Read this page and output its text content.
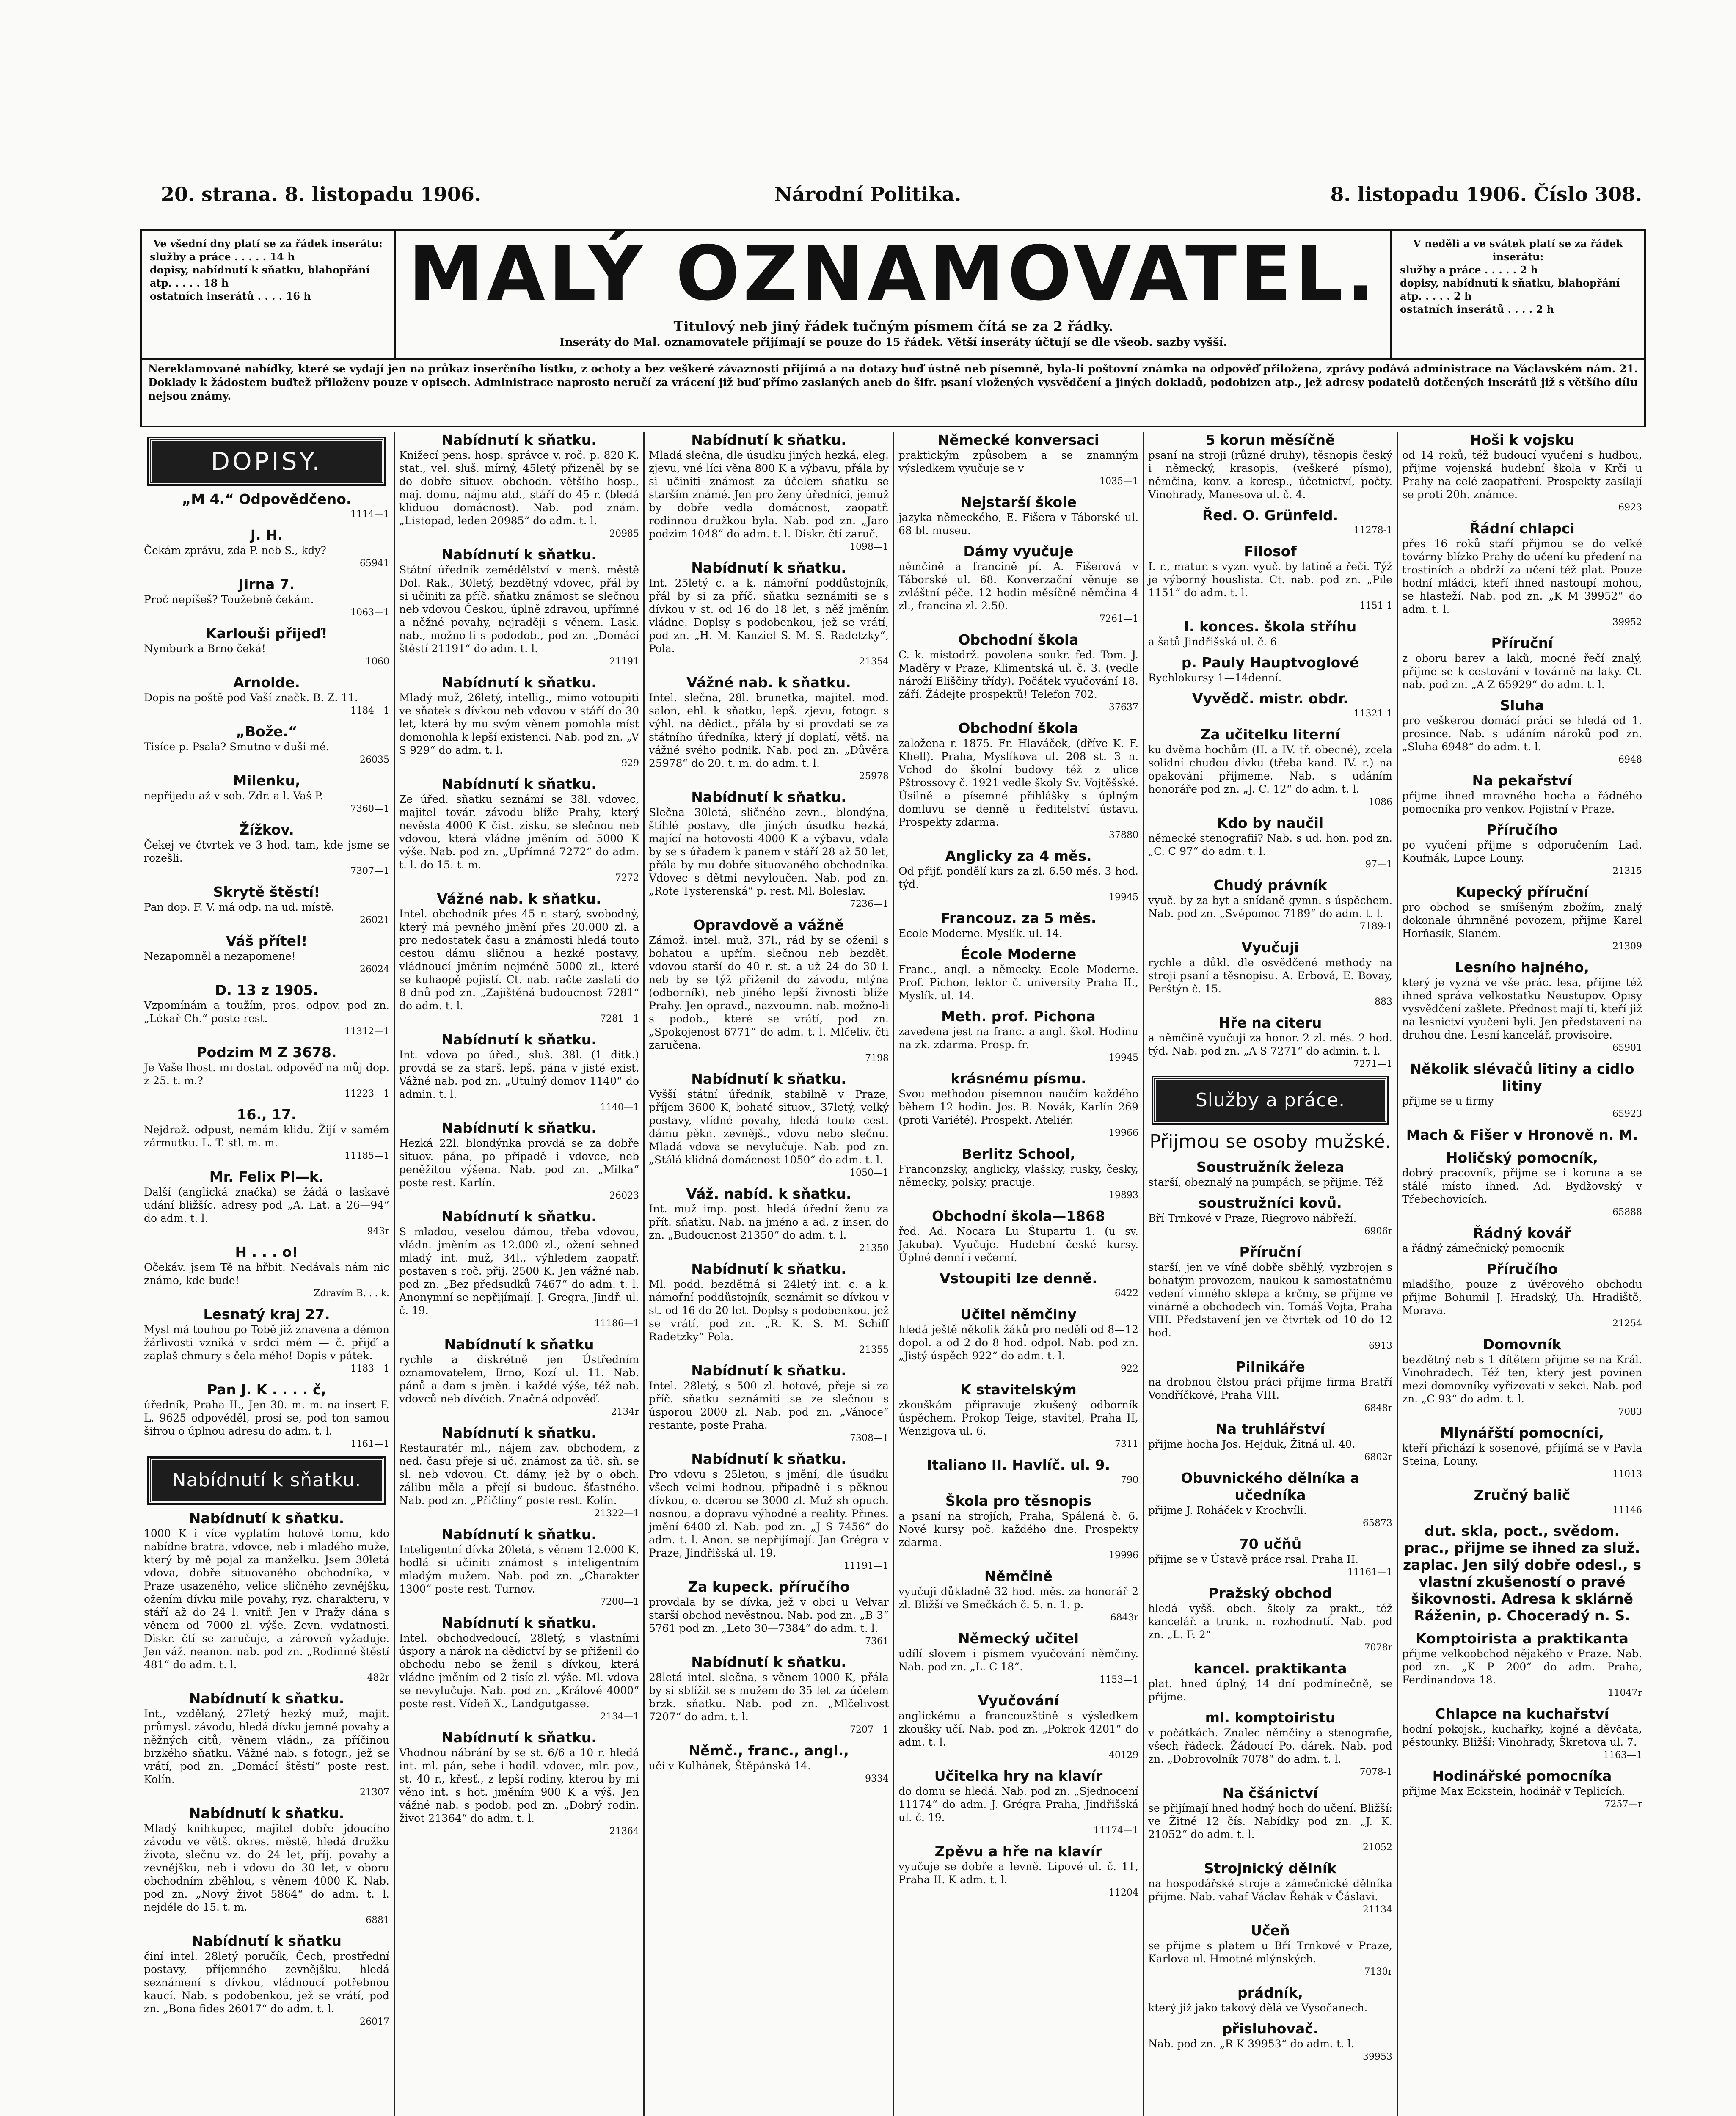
20. strana. 8. listopadu 1906.	Národní Politika.	8. listopadu 1906. Číslo 308.
Ve všední dny platí se za řádek inserátu:
služby a práce . . . . . 14 h
dopisy, nabídnutí k sňatku, blahopřání atp. . . . . 18 h
ostatních inserátů . . . . 16 h	MALÝ OZNAMOVATEL.
Titulový neb jiný řádek tučným písmem čítá se za 2 řádky.
Inseráty do Mal. oznamovatele přijímají se pouze do 15 řádek. Větší inseráty účtují se dle všeob. sazby vyšší.
V neděli a ve svátek platí se za řádek inserátu:
služby a práce . . . . . 2 h
dopisy, nabídnutí k sňatku, blahopřání atp. . . . . 2 h
ostatních inserátů . . . . 2 h
Nereklamované nabídky, které se vydají jen na průkaz inserčního lístku, z ochoty a bez veškeré závaznosti přijímá a na dotazy buď ústně neb písemně, byla-li poštovní známka na odpověď přiložena, zprávy podává administrace na Václavském nám. 21. Doklady k žádostem buďtež přiloženy pouze v opisech. Administrace naprosto neručí za vrácení již buď přímo zaslaných aneb do šifr. psaní vložených vysvědčení a jiných dokladů, podobizen atp., jež adresy podatelů dotčených inserátů již s většího dílu nejsou známy.
DOPISY.
„M 4.“ Odpovědčeno.
1114—1
J. H.
Čekám zprávu, zda P. neb S., kdy?
65941
Jirna 7.
Proč nepíšeš? Toužebně čekám.
1063—1
Karlouši přijeď!
Nymburk a Brno čeká!
1060
Arnolde.
Dopis na poště pod Vaší značk. B. Z. 11.
1184—1
„Bože.“
Tisíce p. Psala? Smutno v duši mé.
26035
Milenku,
nepřijedu až v sob. Zdr. a l. Vaš P.
7360—1
Žížkov.
Čekej ve čtvrtek ve 3 hod. tam, kde jsme se rozešli.
7307—1
Skrytě štěstí!
Pan dop. F. V. má odp. na ud. místě.
26021
Váš přítel!
Nezapomněl a nezapomene!
26024
D. 13 z 1905.
Vzpomínám a toužím, pros. odpov. pod zn. „Lékař Ch.“ poste rest.
11312—1
Podzim M Z 3678.
Je Vaše lhost. mi dostat. odpověď na můj dop. z 25. t. m.?
11223—1
16., 17.
Nejdraž. odpust, nemám klidu. Žijí v samém zármutku. L. T. stl. m. m.
11185—1
Mr. Felix Pl—k.
Další (anglická značka) se žádá o laskavé udání bližšíc. adresy pod „A. Lat. a 26—94“ do adm. t. l.
943r
H . . . o!
Očekáv. jsem Tě na hřbit. Nedávals nám nic známo, kde bude!
Zdravím B. . . k.
Lesnatý kraj 27.
Mysl má touhou po Tobě již znavena a démon žárlivosti vzniká v srdci mém — č. přijď a zaplaš chmury s čela mého! Dopis v pátek.
1183—1
Pan J. K . . . . č,
úředník, Praha II., Jen 30. m. m. na insert F. L. 9625 odpověděl, prosí se, pod ton samou šifrou o úplnou adresu do adm. t. l.
1161—1
Nabídnutí k sňatku.
Nabídnutí k sňatku.
1000 K i více vyplatím hotově tomu, kdo nabídne bratra, vdovce, neb i mladého muže, který by mě pojal za manželku. Jsem 30letá vdova, dobře situovaného obchodníka, v Praze usazeného, velice sličného zevnějšku, ožením dívku mile povahy, ryz. charakteru, v stáří až do 24 l. vnitř. Jen v Pražy dána s věnem od 7000 zl. výše. Zevn. vydatnosti. Diskr. čtí se zaručuje, a zároveň vyžaduje. Jen váž. neanon. nab. pod zn. „Rodinné štěstí 481“ do adm. t. l.
482r
Nabídnutí k sňatku.
Int., vzdělaný, 27letý hezký muž, majit. průmysl. závodu, hledá dívku jemné povahy a něžných citů, věnem vládn., za příčinou brzkého sňatku. Vážné nab. s fotogr., jež se vrátí, pod zn. „Domácí štěstí“ poste rest. Kolín.
21307
Nabídnutí k sňatku.
Mladý knihkupec, majitel dobře jdoucího závodu ve větš. okres. městě, hledá družku života, slečnu vz. do 24 let, příj. povahy a zevnějšku, neb i vdovu do 30 let, v oboru obchodním zběhlou, s věnem 4000 K. Nab. pod zn. „Nový život 5864“ do adm. t. l. nejdéle do 15. t. m.
6881
Nabídnutí k sňatku
činí intel. 28letý poručík, Čech, prostřední postavy, příjemného zevnějšku, hledá seznámení s dívkou, vládnoucí potřebnou kaucí. Nab. s podobenkou, jež se vrátí, pod zn. „Bona fides 26017“ do adm. t. l.
26017
Nabídnutí k sňatku.
Knižecí pens. hosp. správce v. roč. p. 820 K. stat., vel. sluš. mírný, 45letý přizeněl by se do dobře situov. obchodn. většího hosp., maj. domu, nájmu atd., stáří do 45 r. (bledá kliduou domácnost). Nab. pod znám. „Listopad, leden 20985“ do adm. t. l.
20985
Nabídnutí k sňatku.
Státní úředník zemědělství v menš. městě Dol. Rak., 30letý, bezdětný vdovec, přál by si učiniti za příč. sňatku známost se slečnou neb vdovou Českou, úplně zdravou, upřímné a něžné povahy, nejraději s věnem. Lask. nab., možno-li s pododob., pod zn. „Domácí štěstí 21191“ do adm. t. l.
21191
Nabídnutí k sňatku.
Mladý muž, 26letý, intellig., mimo votoupiti ve sňatek s dívkou neb vdovou v stáří do 30 let, která by mu svým věnem pomohla míst domonohla k lepší existenci. Nab. pod zn. „V S 929“ do adm. t. l.
929
Nabídnutí k sňatku.
Ze úřed. sňatku seznámí se 38l. vdovec, majitel továr. závodu blíže Prahy, který nevěsta 4000 K čist. zisku, se slečnou neb vdovou, která vládne jměním od 5000 K výše. Nab. pod zn. „Upřímná 7272“ do adm. t. l. do 15. t. m.
7272
Vážné nab. k sňatku.
Intel. obchodník přes 45 r. starý, svobodný, který má pevného jmění přes 20.000 zl. a pro nedostatek času a známosti hledá touto cestou dámu sličnou a hezké postavy, vládnoucí jměním nejméně 5000 zl., které se kuhaopě pojistí. Ct. nab. račte zaslati do 8 dnů pod zn. „Zajištěná budoucnost 7281“ do adm. t. l.
7281—1
Nabídnutí k sňatku.
Int. vdova po úřed., sluš. 38l. (1 dítk.) provdá se za starš. lepš. pána v jisté exist. Vážné nab. pod zn. „Útulný domov 1140“ do admin. t. l.
1140—1
Nabídnutí k sňatku.
Hezká 22l. blondýnka provdá se za dobře situov. pána, po případě i vdovce, neb peněžitou výšena. Nab. pod zn. „Milka“ poste rest. Karlín.
26023
Nabídnutí k sňatku.
S mladou, veselou dámou, třeba vdovou, vládn. jměním as 12.000 zl., ožení sehned mladý int. muž, 34l., výhledem zaopatř. postaven s roč. přij. 2500 K. Jen vážné nab. pod zn. „Bez předsudků 7467“ do adm. t. l. Anonymní se nepřijímají. J. Gregra, Jindř. ul. č. 19.
11186—1
Nabídnutí k sňatku
rychle a diskrétně jen Ústředním oznamovatelem, Brno, Kozí ul. 11. Nab. pánů a dam s jměn. i každé výše, též nab. vdovců neb dívčích. Značná odpověď.
2134r
Nabídnutí k sňatku.
Restauratér ml., nájem zav. obchodem, z ned. času přeje si uč. známost za úč. sň. se sl. neb vdovou. Ct. dámy, jež by o obch. zálibu měla a přejí si budouc. šťastného. Nab. pod zn. „Přičliny“ poste rest. Kolín.
21322—1
Nabídnutí k sňatku.
Inteligentní dívka 20letá, s věnem 12.000 K, hodlá si učiniti známost s inteligentním mladým mužem. Nab. pod zn. „Charakter 1300“ poste rest. Turnov.
7200—1
Nabídnutí k sňatku.
Intel. obchodvedoucí, 28letý, s vlastními úspory a nárok na dědictví by se přiženil do obchodu nebo se ženil s dívkou, která vládne jměním od 2 tisíc zl. výše. Ml. vdova se nevylučuje. Nab. pod zn. „Králové 4000“ poste rest. Vídeň X., Landgutgasse.
2134—1
Nabídnutí k sňatku.
Vhodnou nábrání by se st. 6/6 a 10 r. hledá int. ml. pán, sebe i hodil. vdovec, mlr. pov., st. 40 r., křesť., z lepší rodiny, kterou by mi věno int. s hot. jměním 900 K a výš. Jen vážné nab. s podob. pod zn. „Dobrý rodin. život 21364“ do adm. t. l.
21364
Nabídnutí k sňatku.
Mladá slečna, dle úsudku jiných hezká, eleg. zjevu, vné líci věna 800 K a výbavu, přála by si učiniti známost za účelem sňatku se starším známé. Jen pro ženy úředníci, jemuž by dobře vedla domácnost, zaopatř. rodinnou družkou byla. Nab. pod zn. „Jaro podzim 1048“ do adm. t. l. Diskr. čtí zaruč.
1098—1
Nabídnutí k sňatku.
Int. 25letý c. a k. námořní poddůstojník, přál by si za příč. sňatku seznámiti se s dívkou v st. od 16 do 18 let, s něž jměním vládne. Doplsy s podobenkou, jež se vrátí, pod zn. „H. M. Kanziel S. M. S. Radetzky“, Pola.
21354
Vážné nab. k sňatku.
Intel. slečna, 28l. brunetka, majitel. mod. salon, ehl. k sňatku, lepš. zjevu, fotogr. s výhl. na dědict., přála by si provdati se za státního úředníka, který jí doplatí, větš. na vážné svého podnik. Nab. pod zn. „Důvěra 25978“ do 20. t. m. do adm. t. l.
25978
Nabídnutí k sňatku.
Slečna 30letá, sličného zevn., blondýna, štíhlé postavy, dle jiných úsudku hezká, mající na hotovosti 4000 K a výbavu, vdala by se s úřadem k panem v stáří 28 až 50 let, přála by mu dobře situovaného obchodníka. Vdovec s dětmi nevyloučen. Nab. pod zn. „Rote Tysterenská“ p. rest. Ml. Boleslav.
7236—1
Opravdově a vážně
Zámož. intel. muž, 37l., rád by se oženil s bohatou a upřím. slečnou neb bezdět. vdovou starší do 40 r. st. a už 24 do 30 l. neb by se týž přiženil do závodu, mlýna (odborník), neb jiného lepší živnosti blíže Prahy. Jen opravd., nazvoumn. nab. možno-li s podob., které se vrátí, pod zn. „Spokojenost 6771“ do adm. t. l. Mlčeliv. čti zaručena.
7198
Nabídnutí k sňatku.
Vyšší státní úředník, stabilně v Praze, příjem 3600 K, bohaté situov., 37letý, velký postavy, vlídné povahy, hledá touto cest. dámu pěkn. zevnějš., vdovu nebo slečnu. Mladá vdova se nevylučuje. Nab. pod zn. „Stálá klidná domácnost 1050“ do adm. t. l.
1050—1
Váž. nabíd. k sňatku.
Int. muž imp. post. hledá úřední ženu za přít. sňatku. Nab. na jméno a ad. z inser. do zn. „Budoucnost 21350“ do adm. t. l.
21350
Nabídnutí k sňatku.
Ml. podd. bezdětná si 24letý int. c. a k. námořní poddůstojník, seznámit se dívkou v st. od 16 do 20 let. Doplsy s podobenkou, jež se vrátí, pod zn. „R. K. S. M. Schiff Radetzky“ Pola.
21355
Nabídnutí k sňatku.
Intel. 28letý, s 500 zl. hotové, přeje si za příč. sňatku seznámiti se ze slečnou s úsporou 2000 zl. Nab. pod zn. „Vánoce“ restante, poste Praha.
7308—1
Nabídnutí k sňatku.
Pro vdovu s 25letou, s jmění, dle úsudku všech velmi hodnou, připadně i s pěknou dívkou, o. dcerou se 3000 zl. Muž sh opuch. nosnou, a dopravu výhodné a reality. Přines. jmění 6400 zl. Nab. pod zn. „J S 7456“ do adm. t. l. Anon. se nepřijímají. Jan Grégra v Praze, Jindřišská ul. 19.
11191—1
Za kupeck. příručího
provdala by se dívka, jež v obci u Velvar starší obchod nevěstnou. Nab. pod zn. „B 3“ 5761 pod zn. „Leto 30—7384“ do adm. t. l.
7361
Nabídnutí k sňatku.
28letá intel. slečna, s věnem 1000 K, přála by si sblížit se s mužem do 35 let za účelem brzk. sňatku. Nab. pod zn. „Mlčelivost 7207“ do adm. t. l.
7207—1
Němč., franc., angl.,
učí v Kulhánek, Štěpánská 14.
9334
Německé konversaci
praktickým způsobem a se znamným výsledkem vyučuje se v
1035—1
Nejstarší škole
jazyka německého, E. Fišera v Táborské ul. 68 bl. museu.
Dámy vyučuje
němčině a francině pí. A. Fišerová v Táborské ul. 68. Konverzační věnuje se zvláštní péče. 12 hodin měsíčně němčina 4 zl., francina zl. 2.50.
7261—1
Obchodní škola
C. k. místodrž. povolena soukr. fed. Tom. J. Maděry v Praze, Klimentská ul. č. 3. (vedle nároží Eliščiny třídy). Počátek vyučování 18. září. Žádejte prospektů! Telefon 702.
37637
Obchodní škola
založena r. 1875. Fr. Hlaváček, (dříve K. F. Khell). Praha, Myslíkova ul. 208 st. 3 n. Vchod do školní budovy též z ulice Pštrossovy č. 1921 vedle školy Sv. Vojtěšské. Úsilně a písemné přihlášky s úplným domluvu se denně u ředitelství ústavu. Prospekty zdarma.
37880
Anglicky za 4 měs.
Od přijf. pondělí kurs za zl. 6.50 měs. 3 hod. týd.
19945
Francouz. za 5 měs.
Ecole Moderne. Myslík. ul. 14.
École Moderne
Franc., angl. a německy. Ecole Moderne. Prof. Pichon, lektor č. university Praha II., Myslík. ul. 14.
Meth. prof. Pichona
zavedena jest na franc. a angl. škol. Hodinu na zk. zdarma. Prosp. fr.
19945
krásnému písmu.
Svou methodou písemnou naučím každého během 12 hodin. Jos. B. Novák, Karlín 269 (proti Variété). Prospekt. Ateliér.
19966
Berlitz School,
Franconzsky, anglicky, vlašsky, rusky, česky, německy, polsky, pracuje.
19893
Obchodní škola—1868
řed. Ad. Nocara Lu Štupartu 1. (u sv. Jakuba). Vyučuje. Hudební české kursy. Úplné denní i večerní.
Vstoupiti lze denně.
6422
Učitel němčiny
hledá ještě několik žáků pro neděli od 8—12 dopol. a od 2 do 8 hod. odpol. Nab. pod zn. „Jistý úspěch 922“ do adm. t. l.
922
K stavitelským
zkouškám připravuje zkušený odborník úspěchem. Prokop Teige, stavitel, Praha II, Wenzigova ul. 6.
7311
Italiano II. Havlíč. ul. 9.
790
Škola pro těsnopis
a psaní na strojích, Praha, Spálená č. 6. Nové kursy poč. každého dne. Prospekty zdarma.
19996
Němčině
vyučuji důkladně 32 hod. měs. za honorář 2 zl. Bližší ve Smečkách č. 5. n. 1. p.
6843r
Německý učitel
udílí slovem i písmem vyučování němčiny. Nab. pod zn. „L. C 18“.
1153—1
Vyučování
anglickému a francouzštině s výsledkem zkoušky učí. Nab. pod zn. „Pokrok 4201“ do adm. t. l.
40129
Učitelka hry na klavír
do domu se hledá. Nab. pod zn. „Sjednocení 11174“ do adm. J. Grégra Praha, Jindřišská ul. č. 19.
11174—1
Zpěvu a hře na klavír
vyučuje se dobře a levně. Lipové ul. č. 11, Praha II. K adm. t. l.
11204
5 korun měsíčně
psaní na stroji (různé druhy), těsnopis český i německý, krasopis, (veškeré písmo), němčina, konv. a koresp., účetnictví, počty. Vinohrady, Manesova ul. č. 4.
Řed. O. Grünfeld.
11278-1
Filosof
I. r., matur. s vyzn. vyuč. by latině a řeči. Týž je výborný houslista. Ct. nab. pod zn. „Pile 1151“ do adm. t. l.
1151-1
I. konces. škola stříhu
a šatů Jindřišská ul. č. 6
p. Pauly Hauptvoglové
Rychlokursy 1—14denní.
Vyvědč. mistr. obdr.
11321-1
Za učitelku literní
ku dvěma hochům (II. a IV. tř. obecné), zcela solidní chudou dívku (třeba kand. IV. r.) na opakování přijmeme. Nab. s udáním honoráře pod zn. „J. C. 12“ do adm. t. l.
1086
Kdo by naučil
německé stenografii? Nab. s ud. hon. pod zn. „C. C 97“ do adm. t. l.
97—1
Chudý právník
vyuč. by za byt a snídaně gymn. s úspěchem. Nab. pod zn. „Svépomoc 7189“ do adm. t. l.
7189-1
Vyučuji
rychle a důkl. dle osvědčené methody na stroji psaní a těsnopisu. A. Erbová, E. Bovay, Perštýn č. 15.
883
Hře na citeru
a němčině vyučuji za honor. 2 zl. měs. 2 hod. týd. Nab. pod zn. „A S 7271“ do admin. t. l.
7271—1
Služby a práce.
Přijmou se osoby mužské.
Soustružník železa
starší, obeznalý na pumpách, se přijme. Též
soustružníci kovů.
Bří Trnkové v Praze, Riegrovo nábřeží.
6906r
Příruční
starší, jen ve víně dobře sběhlý, vyzbrojen s bohatým provozem, naukou k samostatnému vedení vinného sklepa a krčmy, se přijme ve vinárně a obchodech vin. Tomáš Vojta, Praha VIII. Představení jen ve čtvrtek od 10 do 12 hod.
6913
Pilnikáře
na drobnou člstou práci přijme firma Bratří Vondříčkové, Praha VIII.
6848r
Na truhlářství
přijme hocha Jos. Hejduk, Žitná ul. 40.
6802r
Obuvnického dělníka a učedníka
přijme J. Roháček v Krochvíli.
65873
70 učňů
přijme se v Ústavě práce rsal. Praha II.
11161—1
Pražský obchod
hledá vyšš. obch. školy za prakt., též kancelář. a trunk. n. rozhodnutí. Nab. pod zn. „L. F. 2“
7078r
kancel. praktikanta
plat. hned úplný, 14 dní podmínečně, se přijme.
ml. komptoiristu
v počátkách. Znalec němčiny a stenografie, všech řádeck. Žádoucí Po. dárek. Nab. pod zn. „Dobrovolník 7078“ do adm. t. l.
7078-1
Na čšánictví
se přijímají hned hodný hoch do učení. Bližší: ve Žitné 12 čís. Nabídky pod zn. „J. K. 21052“ do adm. t. l.
21052
Strojnický dělník
na hospodářské stroje a zámečnické dělníka přijme. Nab. vahaf Václav Řehák v Čáslavi.
21134
Učeň
se přijme s platem u Bří Trnkové v Praze, Karlova ul. Hmotné mlýnských.
7130r
prádník,
který již jako takový dělá ve Vysočanech.
přisluhovač.
Nab. pod zn. „R K 39953“ do adm. t. l.
39953
Hoši k vojsku
od 14 roků, též budoucí vyučení s hudbou, přijme vojenská hudební škola v Krči u Prahy na celé zaopatření. Prospekty zasílají se proti 20h. známce.
6923
Řádní chlapci
přes 16 roků staří přijmou se do velké továrny blízko Prahy do učení ku předení na trostíních a obdrží za učení též plat. Pouze hodní mládci, kteří ihned nastoupí mohou, se hlasteží. Nab. pod zn. „K M 39952“ do adm. t. l.
39952
Příruční
z oboru barev a laků, mocné řečí znalý, přijme se k cestování v továrně na laky. Ct. nab. pod zn. „A Z 65929“ do adm. t. l.
Sluha
pro veškerou domácí práci se hledá od 1. prosince. Nab. s udáním nároků pod zn. „Sluha 6948“ do adm. t. l.
6948
Na pekařství
přijme ihned mravného hocha a řádného pomocníka pro venkov. Pojistní v Praze.
Příručího
po vyučení přijme s odporučením Lad. Koufnák, Lupce Louny.
21315
Kupecký příruční
pro obchod se smíšeným zbožím, znalý dokonale úhrnněné povozem, přijme Karel Horňasík, Slaném.
21309
Lesního hajného,
který je vyzná ve vše prác. lesa, přijme též ihned správa velkostatku Neustupov. Opisy vysvědčení zašlete. Přednost mají ti, kteří již na lesnictví vyučeni byli. Jen představení na druhou dne. Lesní kancelář, provisoire.
65901
Několik slévačů litiny a cidlo litiny
přijme se u firmy
65923
Mach & Fišer v Hronově n. M.
Holičský pomocník,
dobrý pracovník, přijme se i koruna a se stálé místo ihned. Ad. Bydžovský v Třebechovicích.
65888
Řádný kovář
a řádný zámečnický pomocník
Příručího
mladšího, pouze z úvěrového obchodu přijme Bohumil J. Hradský, Uh. Hradiště, Morava.
21254
Domovník
bezdětný neb s 1 dítětem přijme se na Král. Vinohradech. Též ten, který jest povinen mezi domovníky vyřizovati v sekci. Nab. pod zn. „C 93“ do adm. t. l.
7083
Mlynářští pomocníci,
kteří přichází k sosenové, přijímá se v Pavla Steina, Louny.
11013
Zručný balič
11146
dut. skla, poct., svědom. prac., přijme se ihned za služ. zaplac. Jen silý dobře odesl., s vlastní zkušeností o pravé šikovnosti. Adresa k sklárně Ráženin, p. Choceradý n. S.
Komptoirista a praktikanta
přijme velkoobchod nějakého v Praze. Nab. pod zn. „K P 200“ do adm. Praha, Ferdinandova 18.
11047r
Chlapce na kuchařství
hodní pokojsk., kuchařky, kojné a děvčata, pěstounky. Bližší: Vinohrady, Škretova ul. 7.
1163—1
Hodinářské pomocníka
přijme Max Eckstein, hodinář v Teplicích.
7257—r
